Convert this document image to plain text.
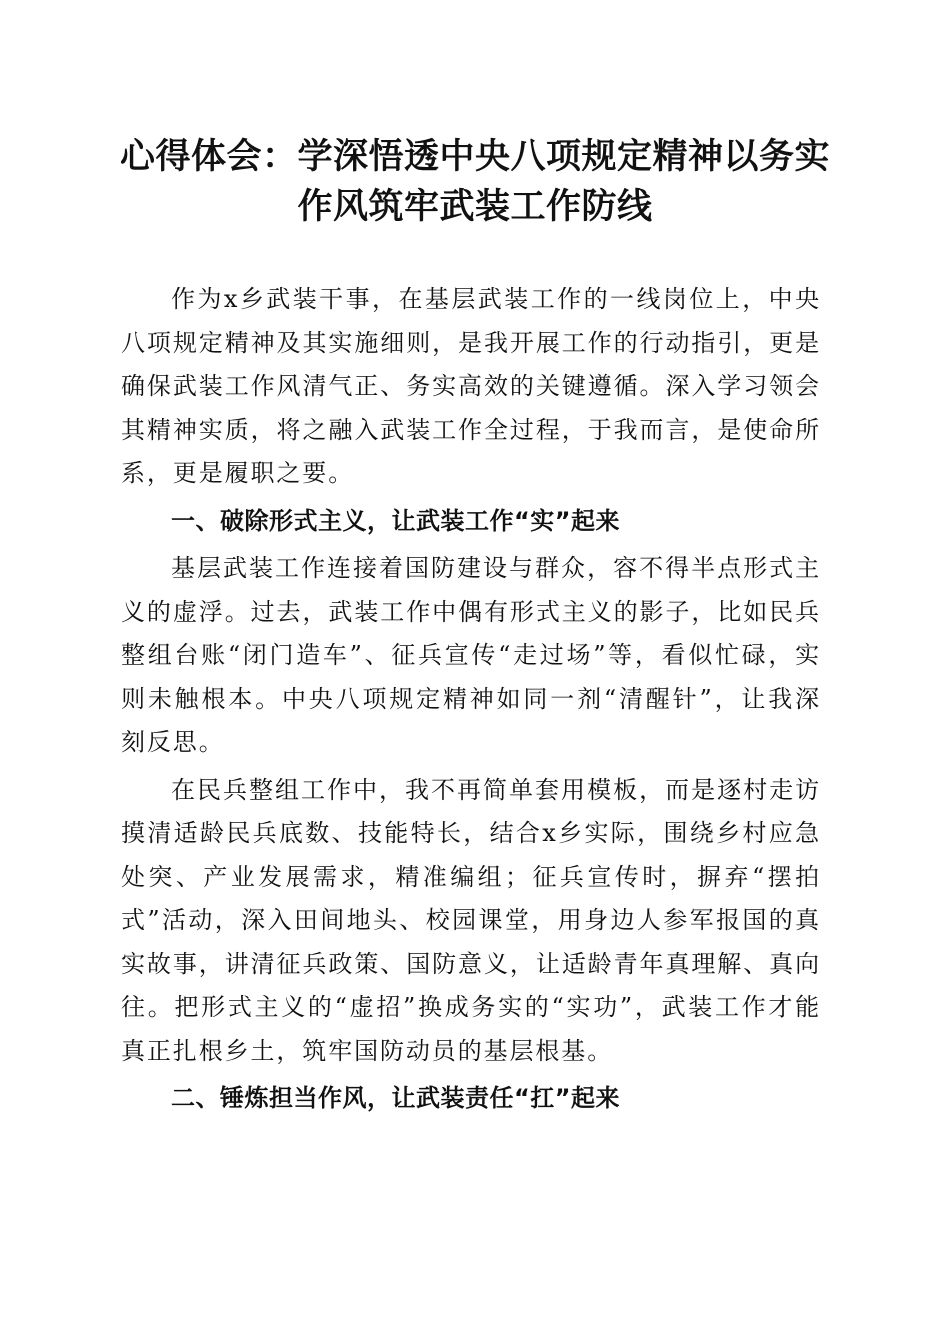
心得体会：学深悟透中央八项规定精神以务实
作风筑牢武装工作防线

作为x乡武装干事，在基层武装工作的一线岗位上，中央八项规定精神及其实施细则，是我开展工作的行动指引，更是确保武装工作风清气正、务实高效的关键遵循。深入学习领会其精神实质，将之融入武装工作全过程，于我而言，是使命所系，更是履职之要。

一、破除形式主义，让武装工作“实”起来

基层武装工作连接着国防建设与群众，容不得半点形式主义的虚浮。过去，武装工作中偶有形式主义的影子，比如民兵整组台账“闭门造车”、征兵宣传“走过场”等，看似忙碌，实则未触根本。中央八项规定精神如同一剂“清醒针”，让我深刻反思。

在民兵整组工作中，我不再简单套用模板，而是逐村走访摸清适龄民兵底数、技能特长，结合x乡实际，围绕乡村应急处突、产业发展需求，精准编组；征兵宣传时，摒弃“摆拍式”活动，深入田间地头、校园课堂，用身边人参军报国的真实故事，讲清征兵政策、国防意义，让适龄青年真理解、真向往。把形式主义的“虚招”换成务实的“实功”，武装工作才能真正扎根乡土，筑牢国防动员的基层根基。

二、锤炼担当作风，让武装责任“扛”起来
